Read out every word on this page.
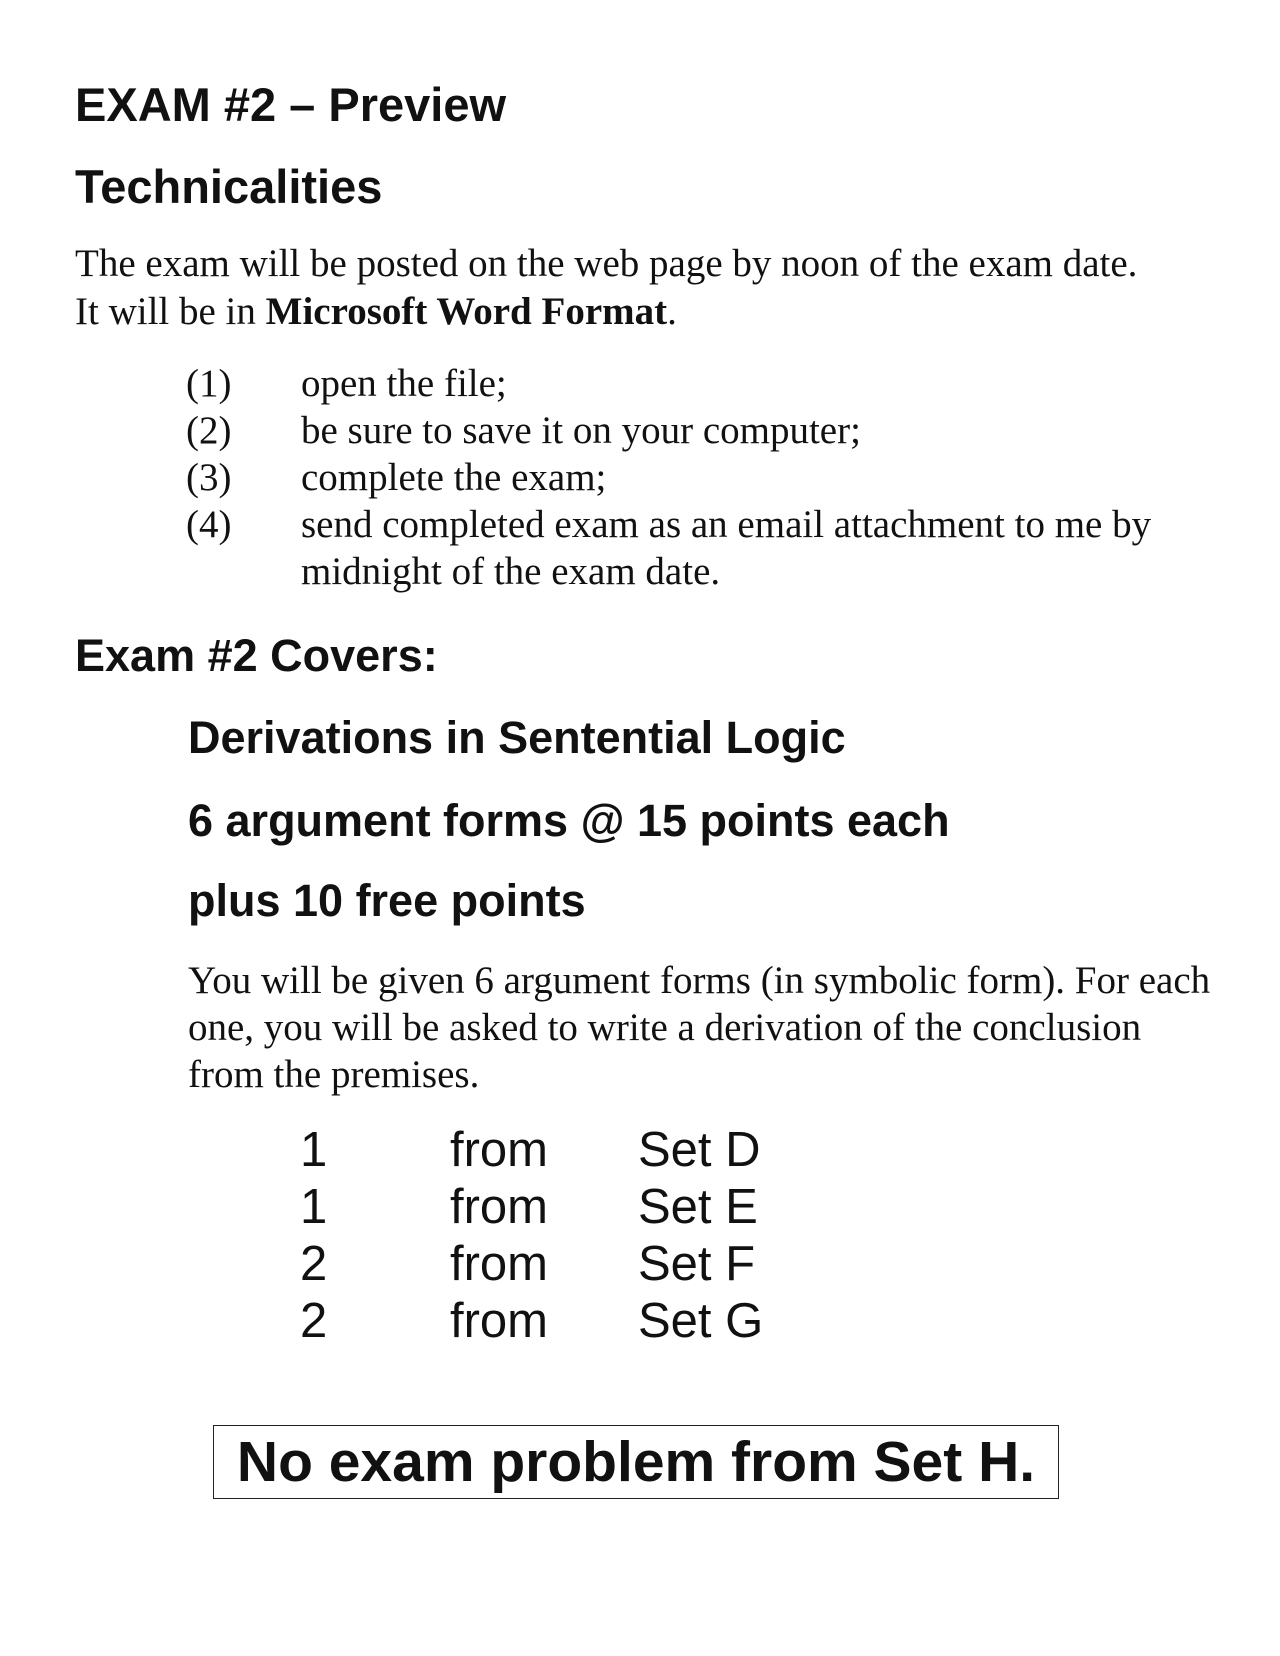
EXAM #2 – Preview
Technicalities

The exam will be posted on the web page by noon of the exam date.

It will be in Microsoft Word Format.

(1)	open the file;
(2)	be sure to save it on your computer;
(3)	complete the exam;
(4)	send completed exam as an email attachment to me by midnight of the exam date.
Exam #2 Covers:
Derivations in Sentential Logic
6 argument forms @ 15 points each
plus 10 free points
You will be given 6 argument forms (in symbolic form). For each one, you will be asked to write a derivation of the conclusion from the premises.
1	from	Set D
1	from	Set E
2	from	Set F
2	from	Set G
No exam problem from Set H.
